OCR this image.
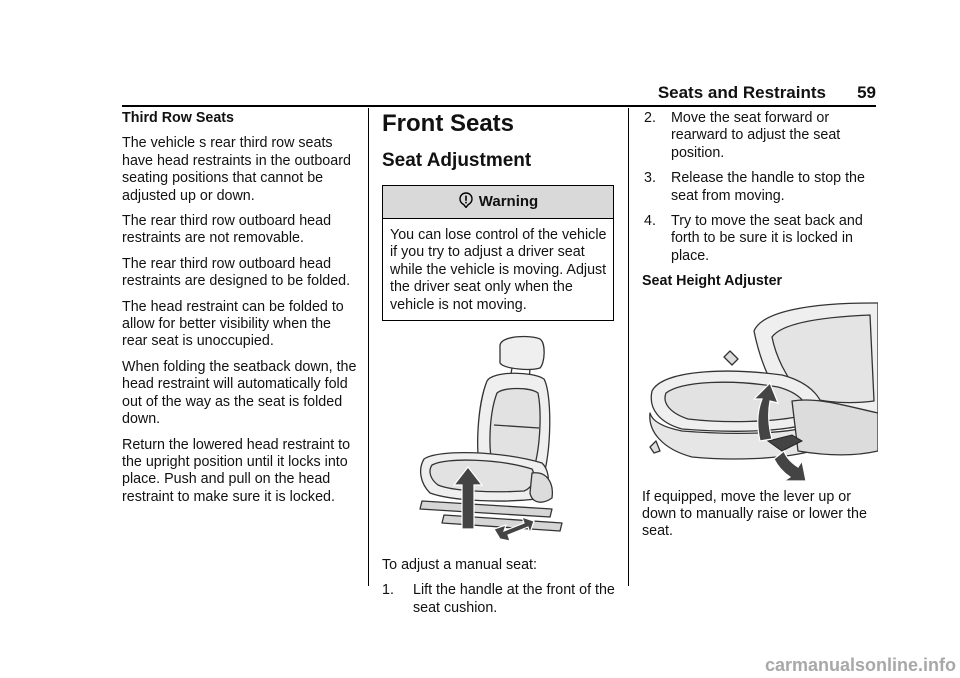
Seats and Restraints	59

Third Row Seats

The vehicle s rear third row seats have head restraints in the outboard seating positions that cannot be adjusted up or down.

The rear third row outboard head restraints are not removable.

The rear third row outboard head restraints are designed to be folded.

The head restraint can be folded to allow for better visibility when the rear seat is unoccupied.

When folding the seatback down, the head restraint will automatically fold out of the way as the seat is folded down.

Return the lowered head restraint to the upright position until it locks into place. Push and pull on the head restraint to make sure it is locked.

Front Seats
Seat Adjustment
Warning
You can lose control of the vehicle if you try to adjust a driver seat while the vehicle is moving. Adjust the driver seat only when the vehicle is not moving.

To adjust a manual seat:

1. Lift the handle at the front of the seat cushion.
2. Move the seat forward or rearward to adjust the seat position.
3. Release the handle to stop the seat from moving.
4. Try to move the seat back and forth to be sure it is locked in place.

Seat Height Adjuster

If equipped, move the lever up or down to manually raise or lower the seat.

carmanualsonline.info
